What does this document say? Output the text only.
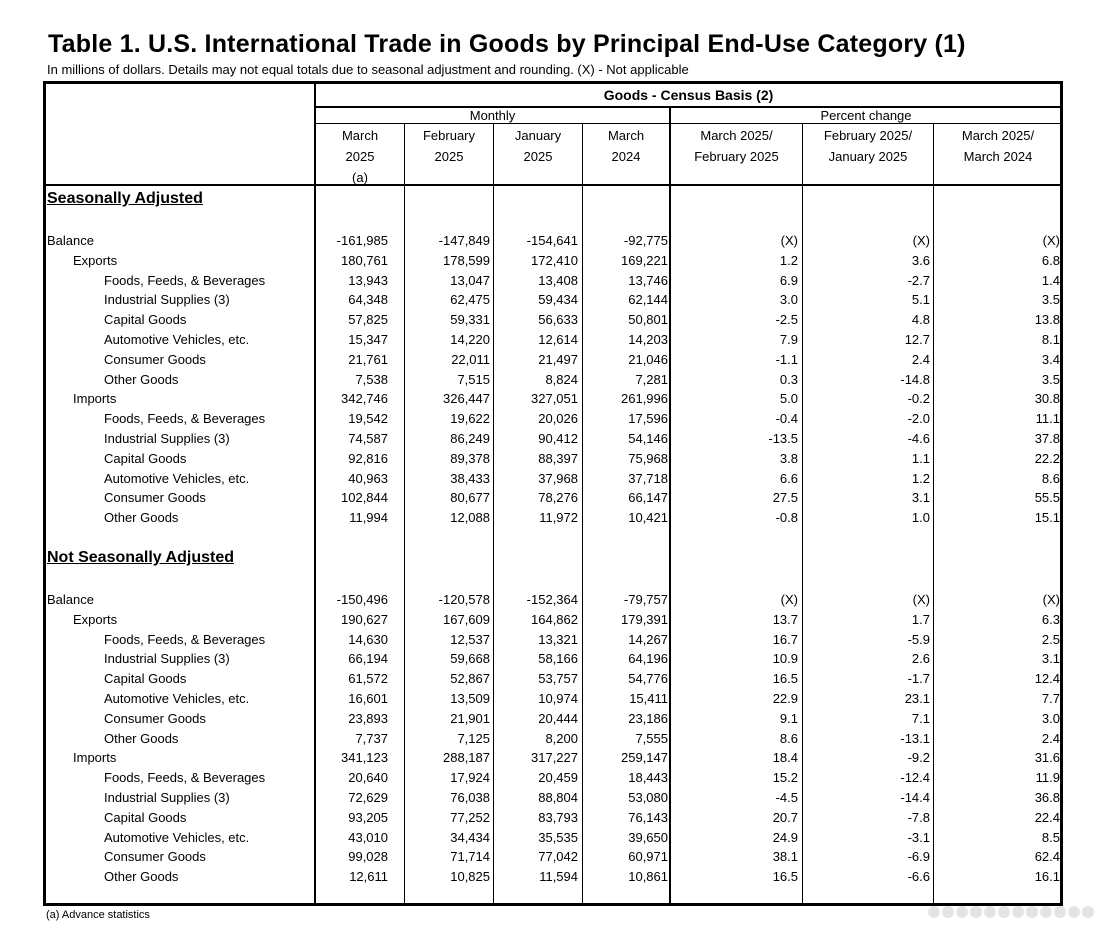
Table 1. U.S. International Trade in Goods by Principal End-Use Category (1)
In millions of dollars. Details may not equal totals due to seasonal adjustment and rounding. (X) - Not applicable
Goods - Census Basis (2)
Monthly	Percent change
March
2025
(a)
February
2025
January
2025
March
2024
March 2025/
February 2025
February 2025/
January 2025
March 2025/
March 2024
Seasonally Adjusted
Balance	-161,985	-147,849	-154,641	-92,775	(X)	(X)	(X)
Exports	180,761	178,599	172,410	169,221	1.2	3.6	6.8
Foods, Feeds, & Beverages	13,943	13,047	13,408	13,746	6.9	-2.7	1.4
Industrial Supplies (3)	64,348	62,475	59,434	62,144	3.0	5.1	3.5
Capital Goods	57,825	59,331	56,633	50,801	-2.5	4.8	13.8
Automotive Vehicles, etc.	15,347	14,220	12,614	14,203	7.9	12.7	8.1
Consumer Goods	21,761	22,011	21,497	21,046	-1.1	2.4	3.4
Other Goods	7,538	7,515	8,824	7,281	0.3	-14.8	3.5
Imports	342,746	326,447	327,051	261,996	5.0	-0.2	30.8
Foods, Feeds, & Beverages	19,542	19,622	20,026	17,596	-0.4	-2.0	11.1
Industrial Supplies (3)	74,587	86,249	90,412	54,146	-13.5	-4.6	37.8
Capital Goods	92,816	89,378	88,397	75,968	3.8	1.1	22.2
Automotive Vehicles, etc.	40,963	38,433	37,968	37,718	6.6	1.2	8.6
Consumer Goods	102,844	80,677	78,276	66,147	27.5	3.1	55.5
Other Goods	11,994	12,088	11,972	10,421	-0.8	1.0	15.1
Not Seasonally Adjusted
Balance	-150,496	-120,578	-152,364	-79,757	(X)	(X)	(X)
Exports	190,627	167,609	164,862	179,391	13.7	1.7	6.3
Foods, Feeds, & Beverages	14,630	12,537	13,321	14,267	16.7	-5.9	2.5
Industrial Supplies (3)	66,194	59,668	58,166	64,196	10.9	2.6	3.1
Capital Goods	61,572	52,867	53,757	54,776	16.5	-1.7	12.4
Automotive Vehicles, etc.	16,601	13,509	10,974	15,411	22.9	23.1	7.7
Consumer Goods	23,893	21,901	20,444	23,186	9.1	7.1	3.0
Other Goods	7,737	7,125	8,200	7,555	8.6	-13.1	2.4
Imports	341,123	288,187	317,227	259,147	18.4	-9.2	31.6
Foods, Feeds, & Beverages	20,640	17,924	20,459	18,443	15.2	-12.4	11.9
Industrial Supplies (3)	72,629	76,038	88,804	53,080	-4.5	-14.4	36.8
Capital Goods	93,205	77,252	83,793	76,143	20.7	-7.8	22.4
Automotive Vehicles, etc.	43,010	34,434	35,535	39,650	24.9	-3.1	8.5
Consumer Goods	99,028	71,714	77,042	60,971	38.1	-6.9	62.4
Other Goods	12,611	10,825	11,594	10,861	16.5	-6.6	16.1
(a) Advance statistics
